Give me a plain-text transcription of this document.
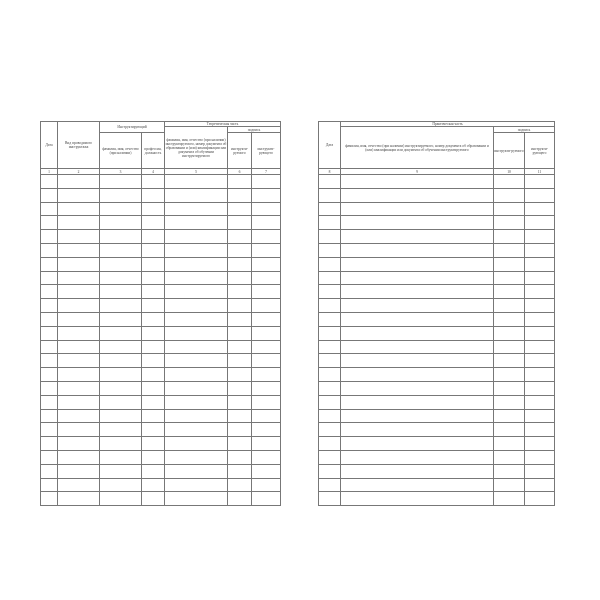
Дата	Вид проводимого инструктажа	Инструктирующий		Теоретическая часть		
				фамилия, имя, отчество (при наличии) инструктируемого, номер документа об образовании и (или) квалификации или документа об обучении инструктируемого	подпись	
		фамилия, имя, отчество (при наличии)	профессия, должность		инструкти-руемого	инструкти-рующего
1	2	3	4	5	6	7

Дата	Практическая часть		
	фамилия, имя, отчество (при наличии) инструктируемого, номер документа об образовании и (или) квалификации или документа об обучении инструктируемого	подпись	
		инструкти-руемого	инструкти-рующего
8	9	10	11
